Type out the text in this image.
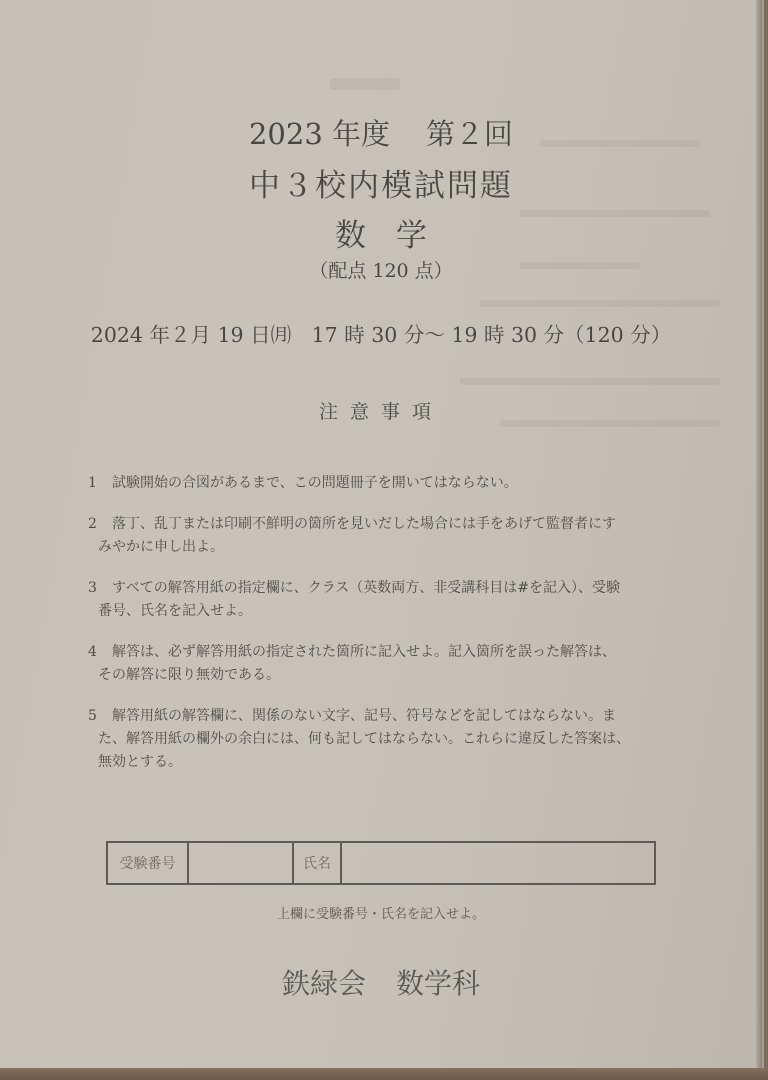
2023 年度 第２回
中３校内模試問題
数 学
（配点 120 点）
2024 年２月 19 日㈪　17 時 30 分～ 19 時 30 分（120 分）
注意事項
1 試験開始の合図があるまで、この問題冊子を開いてはならない。
2 落丁、乱丁または印刷不鮮明の箇所を見いだした場合には手をあげて監督者にす
みやかに申し出よ。
3 すべての解答用紙の指定欄に、クラス（英数両方、非受講科目は#を記入）、受験
番号、氏名を記入せよ。
4 解答は、必ず解答用紙の指定された箇所に記入せよ。記入箇所を誤った解答は、
その解答に限り無効である。
5 解答用紙の解答欄に、関係のない文字、記号、符号などを記してはならない。ま
た、解答用紙の欄外の余白には、何も記してはならない。これらに違反した答案は、
無効とする。
受験番号	氏名
上欄に受験番号・氏名を記入せよ。
鉄緑会 数学科
